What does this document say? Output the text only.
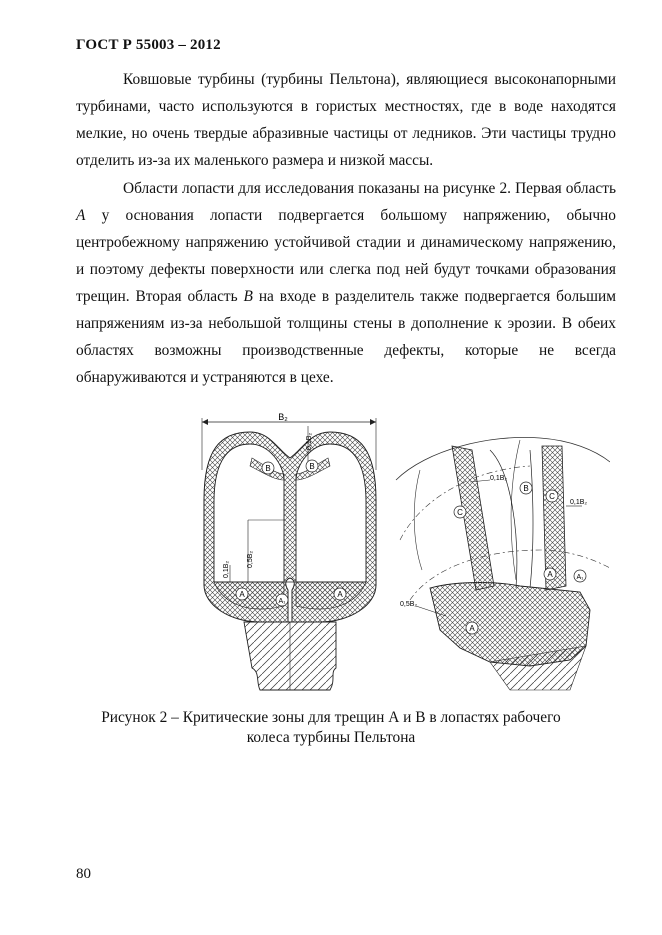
ГОСТ Р 55003 – 2012

Ковшовые турбины (турбины Пельтона), являющиеся высоконапорными турбинами, часто используются в гористых местностях, где в воде находятся мелкие, но очень твердые абразивные частицы от ледников. Эти частицы трудно отделить из-за их маленького размера и низкой массы.

Области лопасти для исследования показаны на рисунке 2. Первая область A у основания лопасти подвергается большому напряжению, обычно центробежному напряжению устойчивой стадии и динамическому напряжению, и поэтому дефекты поверхности или слегка под ней будут точками образования трещин. Вторая область B на входе в разделитель также подвергается большим напряжениям из-за небольшой толщины стены в дополнение к эрозии. В обеих областях возможны производственные дефекты, которые не всегда обнаруживаются и устраняются в цехе.

B₂
0,1B₂
0,5B₂
0,1B₂
B	B
A	A
A₁
0,1B₂
0,1B₂
0,5B₂
C
C
B
A
A
A₁
Рисунок 2 – Критические зоны для трещин А и В в лопастях рабочего
колеса турбины Пельтона
80
